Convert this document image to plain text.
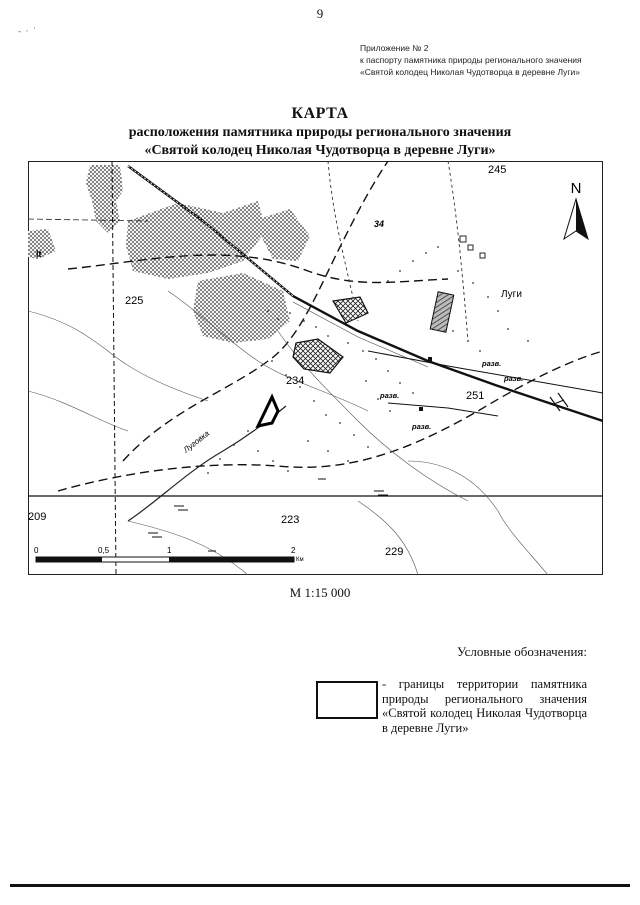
9
-  ·  ˙
Приложение № 2
к паспорту памятника природы регионального значения
«Святой колодец Николая Чудотворца в деревне Луги»
КАРТА
расположения памятника природы регионального значения
«Святой колодец Николая Чудотворца в деревне Луги»
N
245
34
225
234
251
209	223
229
Луги
lt
Луговка
разв.
разв.
разв.
разв.
0	0,5	1	2
Км
М 1:15 000
Условные обозначения:
- границы территории памятника природы регионального значения «Святой колодец Николая Чудотворца в деревне Луги»
